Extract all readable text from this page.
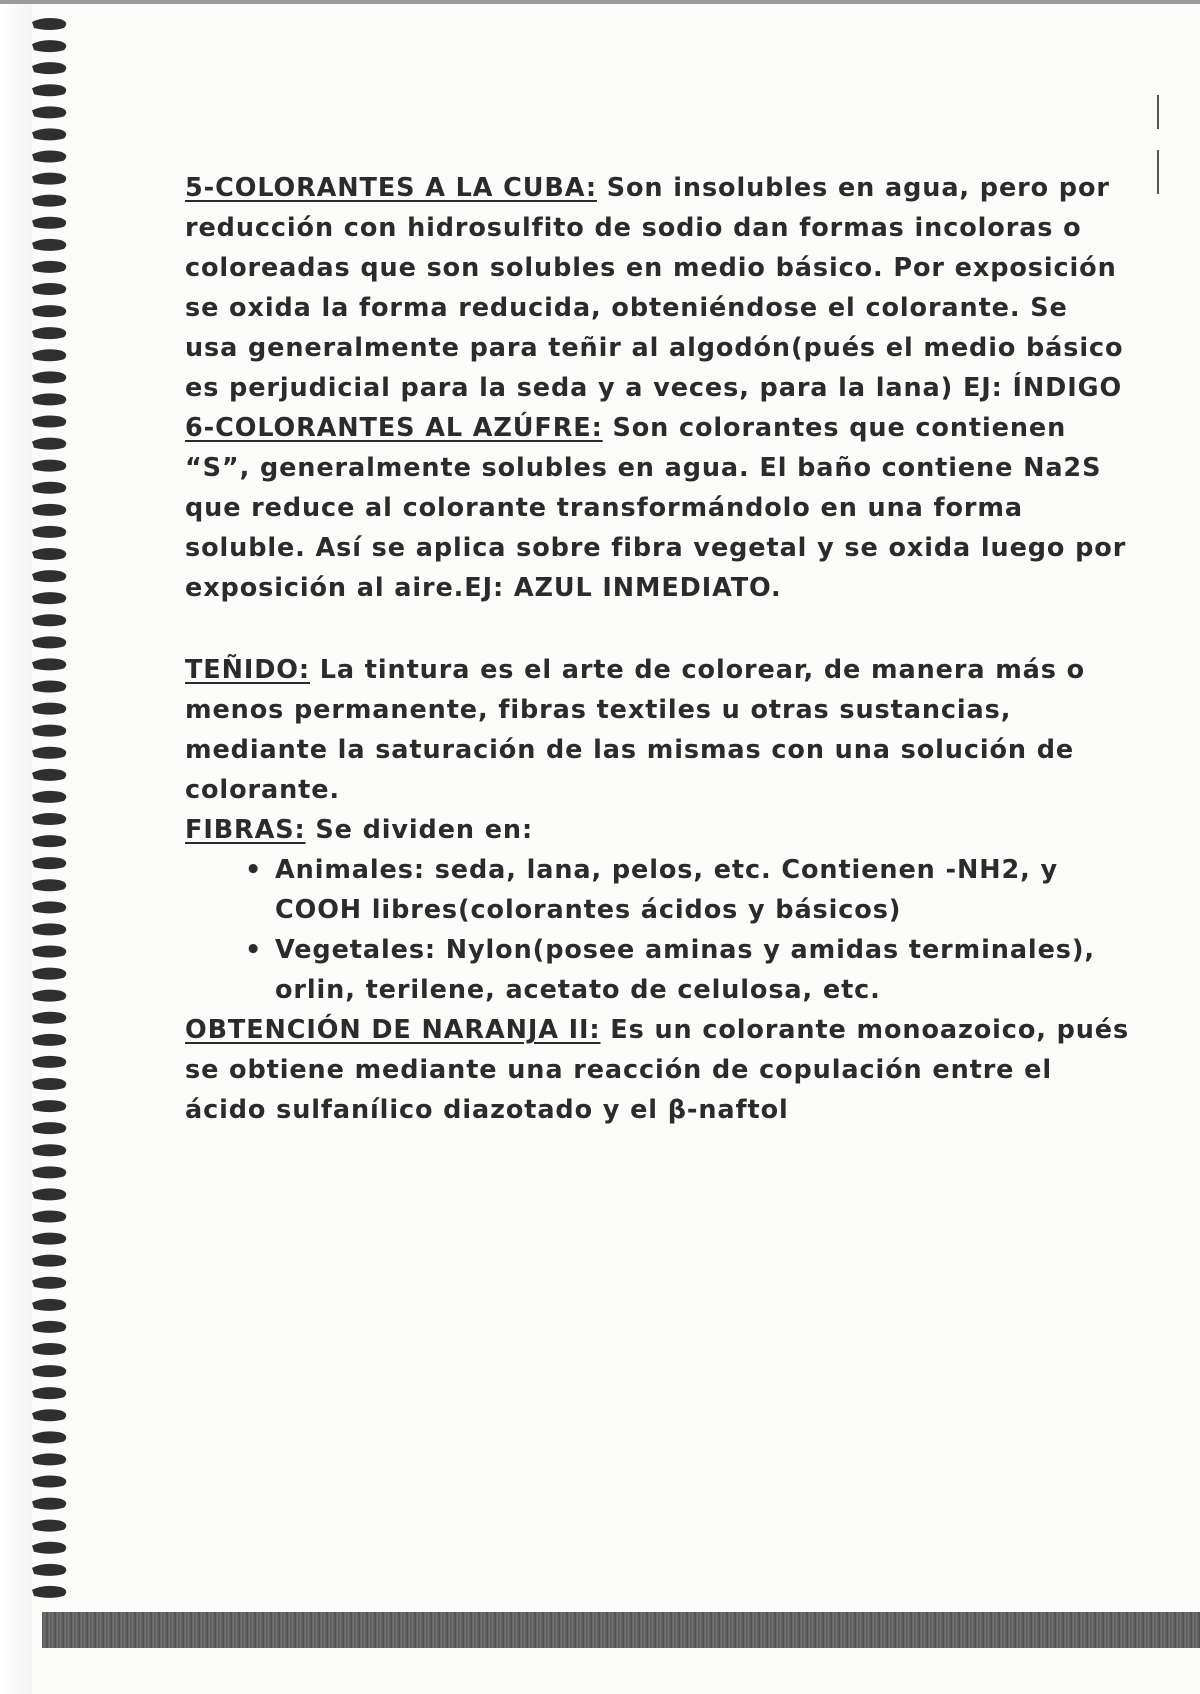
5-COLORANTES A LA CUBA: Son insolubles en agua, pero por reducción con hidrosulfito de sodio dan formas incoloras o coloreadas que son solubles en medio básico. Por exposición se oxida la forma reducida, obteniéndose el colorante. Se usa generalmente para teñir al algodón(pués el medio básico es perjudicial para la seda y a veces, para la lana) EJ: ÍNDIGO

6-COLORANTES AL AZÚFRE: Son colorantes que contienen “S”, generalmente solubles en agua. El baño contiene Na2S que reduce al colorante transformándolo en una forma soluble. Así se aplica sobre fibra vegetal y se oxida luego por exposición al aire.EJ: AZUL INMEDIATO.

TEÑIDO: La tintura es el arte de colorear, de manera más o menos permanente, fibras textiles u otras sustancias, mediante la saturación de las mismas con una solución de colorante.

FIBRAS: Se dividen en:

• Animales: seda, lana, pelos, etc. Contienen -NH2, y COOH libres(colorantes ácidos y básicos)
• Vegetales: Nylon(posee aminas y amidas terminales), orlin, terilene, acetato de celulosa, etc.

OBTENCIÓN DE NARANJA II: Es un colorante monoazoico, pués se obtiene mediante una reacción de copulación entre el ácido sulfanílico diazotado y el β-naftol
